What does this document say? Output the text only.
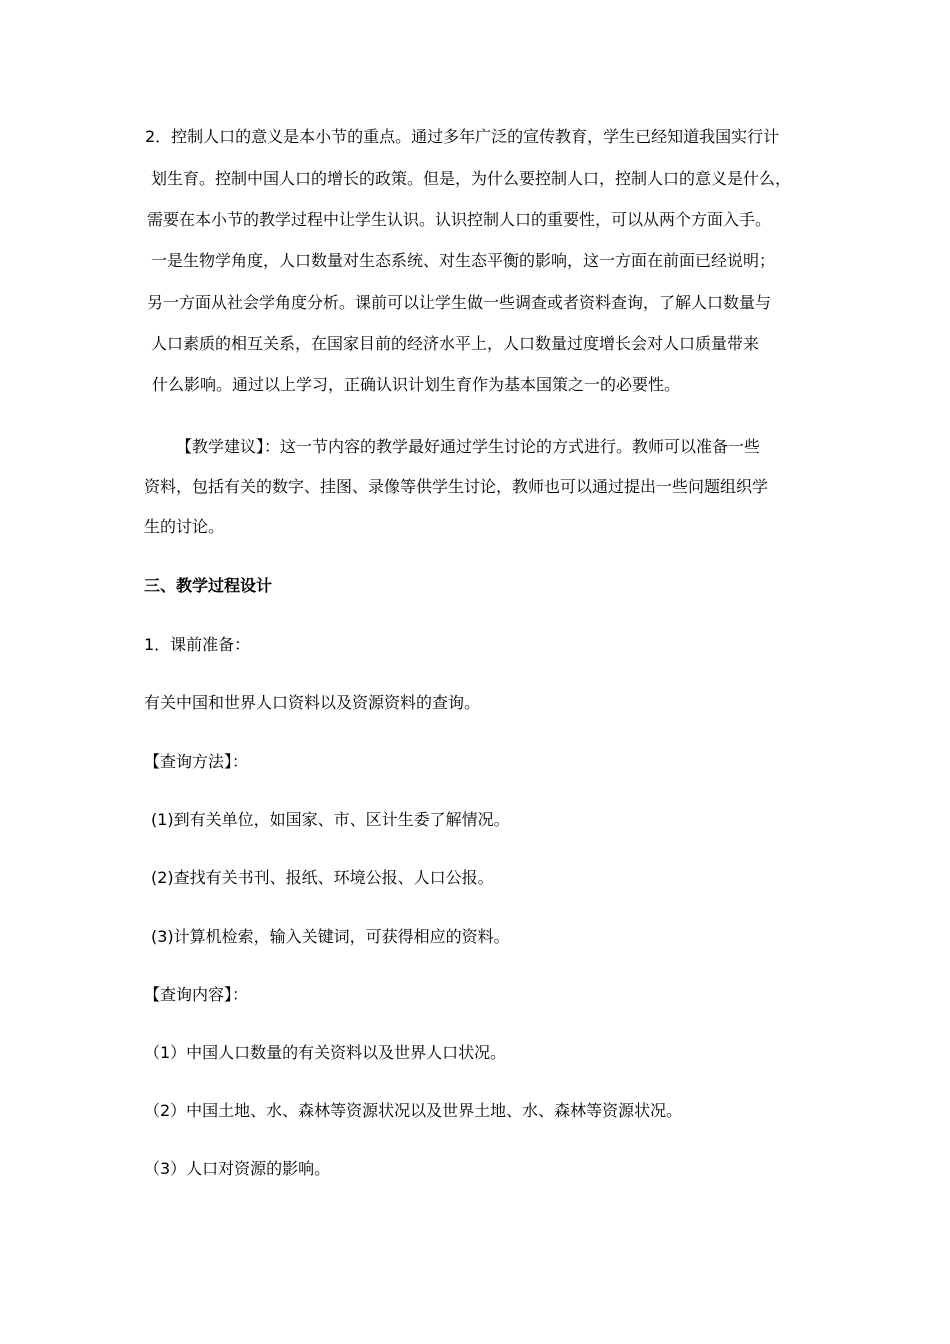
2．控制人口的意义是本小节的重点。通过多年广泛的宣传教育，学生已经知道我国实行计
划生育。控制中国人口的增长的政策。但是，为什么要控制人口，控制人口的意义是什么，
需要在本小节的教学过程中让学生认识。认识控制人口的重要性，可以从两个方面入手。
一是生物学角度，人口数量对生态系统、对生态平衡的影响，这一方面在前面已经说明；
另一方面从社会学角度分析。课前可以让学生做一些调查或者资料查询，了解人口数量与
人口素质的相互关系，在国家目前的经济水平上，人口数量过度增长会对人口质量带来
什么影响。通过以上学习，正确认识计划生育作为基本国策之一的必要性。
【教学建议】：这一节内容的教学最好通过学生讨论的方式进行。教师可以准备一些
资料，包括有关的数字、挂图、录像等供学生讨论，教师也可以通过提出一些问题组织学
生的讨论。
三、教学过程设计
1．课前准备：
有关中国和世界人口资料以及资源资料的查询。
【查询方法】：
(1)到有关单位，如国家、市、区计生委了解情况。
(2)查找有关书刊、报纸、环境公报、人口公报。
(3)计算机检索，输入关键词，可获得相应的资料。
【查询内容】：
（1）中国人口数量的有关资料以及世界人口状况。
（2）中国土地、水、森林等资源状况以及世界土地、水、森林等资源状况。
（3）人口对资源的影响。
